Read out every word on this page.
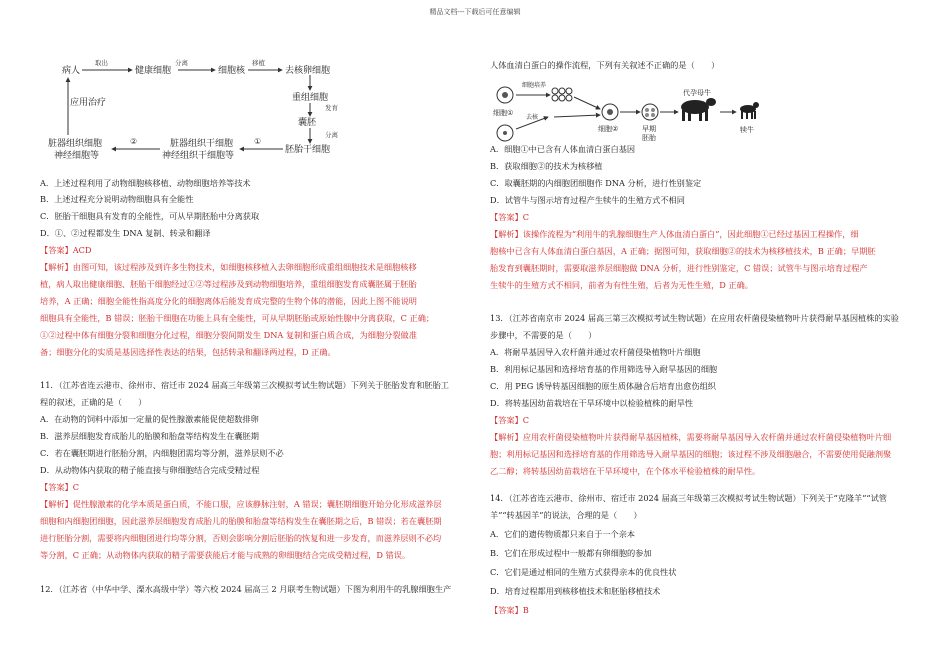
精品文档---下载后可任意编辑
病人	健康细胞	细胞核	去核卵细胞
重组细胞
囊胚
胚胎干细胞
应用治疗
取出	分离	移植
发育
分离
脏器组织细胞
神经细胞等
脏器组织干细胞
神经组织干细胞等
②	①
A．上述过程利用了动物细胞核移植、动物细胞培养等技术
B．上述过程充分说明动物细胞具有全能性
C．胚胎干细胞具有发育的全能性，可从早期胚胎中分离获取
D．①、②过程都发生 DNA 复制、转录和翻译
【答案】ACD
【解析】由图可知，该过程涉及到许多生物技术，如细胞核移植入去卵细胞形成重组细胞技术是细胞核移
植，病人取出健康细胞、胚胎干细胞经过①②等过程涉及到动物细胞培养，重组细胞发育成囊胚属于胚胎
培养，A 正确；细胞全能性指高度分化的细胞离体后能发育成完整的生物个体的潜能，因此上图不能说明
细胞具有全能性，B 错误；胚胎干细胞在功能上具有全能性，可从早期胚胎或原始性腺中分离获取，C 正确；
①②过程中体有细胞分裂和细胞分化过程，细胞分裂间期发生 DNA 复制和蛋白质合成，为细胞分裂做准
备；细胞分化的实质是基因选择性表达的结果，包括转录和翻译两过程，D 正确。
11．（江苏省连云港市、徐州市、宿迁市 2024 届高三年级第三次模拟考试生物试题）下列关于胚胎发育和胚胎工
程的叙述，正确的是（　　）
A．在动物的饲料中添加一定量的促性腺激素能促使超数排卵
B．滋养层细胞发育成胎儿的胎膜和胎盘等结构发生在囊胚期
C．若在囊胚期进行胚胎分割，内细胞团需均等分割，滋养层则不必
D．从动物体内获取的精子能直接与卵细胞结合完成受精过程
【答案】C
【解析】促性腺激素的化学本质是蛋白质，不能口服，应该静脉注射，A 错误；囊胚期细胞开始分化形成滋养层
细胞和内细胞团细胞，因此滋养层细胞发育成胎儿的胎膜和胎盘等结构发生在囊胚期之后，B 错误；若在囊胚期
进行胚胎分割，需要将内细胞团进行均等分割，否则会影响分割后胚胎的恢复和进一步发育，而滋养层则不必均
等分割，C 正确；从动物体内获取的精子需要获能后才能与成熟的卵细胞结合完成受精过程，D 错误。
12．（江苏省（中华中学、溧水高级中学）等六校 2024 届高三 2 月联考生物试题）下图为利用牛的乳腺细胞生产
人体血清白蛋白的操作流程，下列有关叙述不正确的是（　　）
细胞①
细胞培养
去核
细胞②	早期
胚胎
代孕母牛
犊牛
A．细胞①中已含有人体血清白蛋白基因
B．获取细胞②的技术为核移植
C．取囊胚期的内细胞团细胞作 DNA 分析，进行性别鉴定
D．试管牛与图示培育过程产生犊牛的生殖方式不相同
【答案】C
【解析】该操作流程为“利用牛的乳腺细胞生产人体血清白蛋白”，因此细胞①已经过基因工程操作，细
胞核中已含有人体血清白蛋白基因，A 正确；据图可知，获取细胞②的技术为核移植技术，B 正确；早期胚
胎发育到囊胚期时，需要取滋养层细胞做 DNA 分析，进行性别鉴定，C 错误；试管牛与图示培育过程产
生犊牛的生殖方式不相同，前者为有性生殖，后者为无性生殖，D 正确。
13．（江苏省南京市 2024 届高三第三次模拟考试生物试题）在应用农杆菌侵染植物叶片获得耐旱基因植株的实验
步骤中，不需要的是（　　）
A．将耐旱基因导入农杆菌并通过农杆菌侵染植物叶片细胞
B．利用标记基因和选择培育基的作用筛选导入耐旱基因的细胞
C．用 PEG 诱导转基因细胞的原生质体融合后培育出愈伤组织
D．将转基因幼苗栽培在干旱环境中以检验植株的耐旱性
【答案】C
【解析】应用农杆菌侵染植物叶片获得耐旱基因植株，需要将耐旱基因导入农杆菌并通过农杆菌侵染植物叶片细
胞；利用标记基因和选择培育基的作用筛选导入耐旱基因的细胞；该过程不涉及细胞融合，不需要使用促融剂聚
乙二醇；将转基因幼苗栽培在干旱环境中，在个体水平检验植株的耐旱性。
14．（江苏省连云港市、徐州市、宿迁市 2024 届高三年级第三次模拟考试生物试题）下列关于“克隆羊”“试管
羊”“转基因羊”的说法，合理的是（　　）
A．它们的遗传物质都只来自于一个亲本
B．它们在形成过程中一般都有卵细胞的参加
C．它们是通过相同的生殖方式获得亲本的优良性状
D．培育过程都用到核移植技术和胚胎移植技术
【答案】B
